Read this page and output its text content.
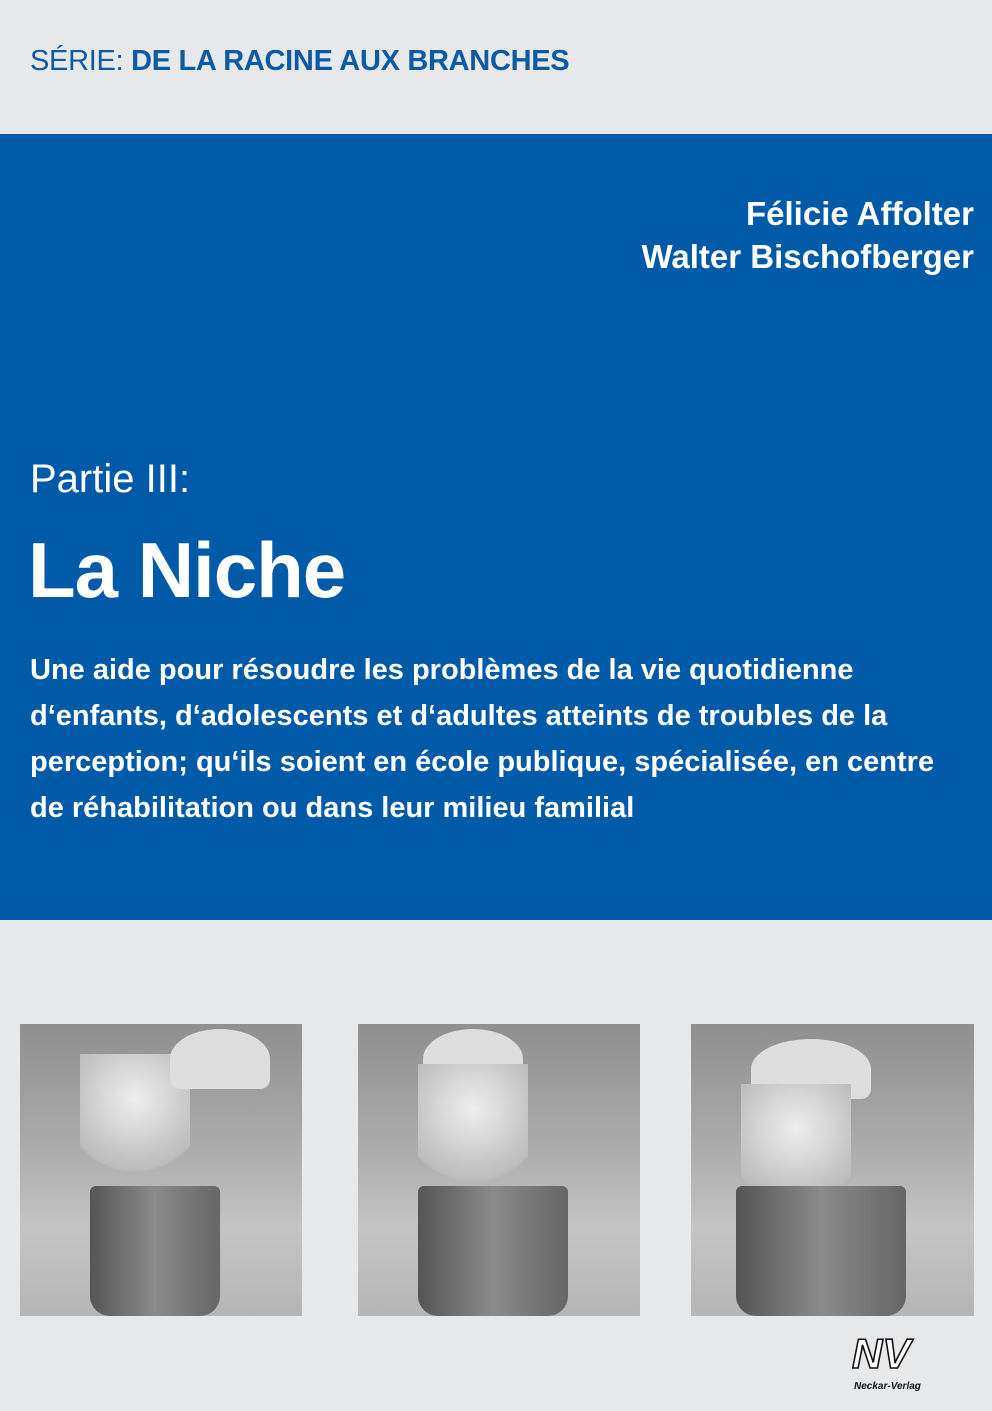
SÉRIE: DE LA RACINE AUX BRANCHES
Félicie Affolter
Walter Bischofberger
Partie III:
La Niche
Une aide pour résoudre les problèmes de la vie quotidienne d‘enfants, d‘adolescents et d‘adultes atteints de troubles de la perception; qu‘ils soient en école publique, spécialisée, en centre de réhabilitation ou dans leur milieu familial
NV
Neckar-Verlag
